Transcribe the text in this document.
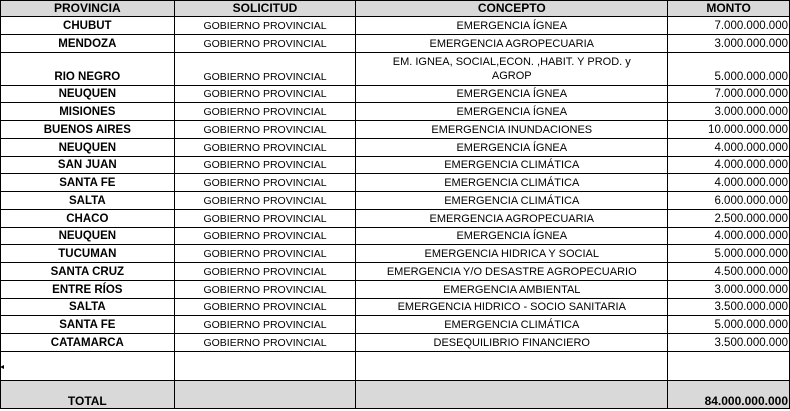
PROVINCIA	SOLICITUD	CONCEPTO	MONTO
CHUBUT	GOBIERNO PROVINCIAL	EMERGENCIA ÍGNEA	7.000.000.000
MENDOZA	GOBIERNO PROVINCIAL	EMERGENCIA AGROPECUARIA	3.000.000.000
RIO NEGRO	GOBIERNO PROVINCIAL	EM. IGNEA, SOCIAL,ECON. ,HABIT. Y PROD. y AGROP	5.000.000.000
NEUQUEN	GOBIERNO PROVINCIAL	EMERGENCIA ÍGNEA	7.000.000.000
MISIONES	GOBIERNO PROVINCIAL	EMERGENCIA ÍGNEA	3.000.000.000
BUENOS AIRES	GOBIERNO PROVINCIAL	EMERGENCIA INUNDACIONES	10.000.000.000
NEUQUEN	GOBIERNO PROVINCIAL	EMERGENCIA ÍGNEA	4.000.000.000
SAN JUAN	GOBIERNO PROVINCIAL	EMERGENCIA CLIMÁTICA	4.000.000.000
SANTA FE	GOBIERNO PROVINCIAL	EMERGENCIA CLIMÁTICA	4.000.000.000
SALTA	GOBIERNO PROVINCIAL	EMERGENCIA CLIMÁTICA	6.000.000.000
CHACO	GOBIERNO PROVINCIAL	EMERGENCIA AGROPECUARIA	2.500.000.000
NEUQUEN	GOBIERNO PROVINCIAL	EMERGENCIA ÍGNEA	4.000.000.000
TUCUMAN	GOBIERNO PROVINCIAL	EMERGENCIA HIDRICA Y SOCIAL	5.000.000.000
SANTA CRUZ	GOBIERNO PROVINCIAL	EMERGENCIA Y/O DESASTRE AGROPECUARIO	4.500.000.000
ENTRE RÍOS	GOBIERNO PROVINCIAL	EMERGENCIA AMBIENTAL	3.000.000.000
SALTA	GOBIERNO PROVINCIAL	EMERGENCIA HIDRICO - SOCIO SANITARIA	3.500.000.000
SANTA FE	GOBIERNO PROVINCIAL	EMERGENCIA CLIMÁTICA	5.000.000.000
CATAMARCA	GOBIERNO PROVINCIAL	DESEQUILIBRIO FINANCIERO	3.500.000.000

TOTAL			84.000.000.000
